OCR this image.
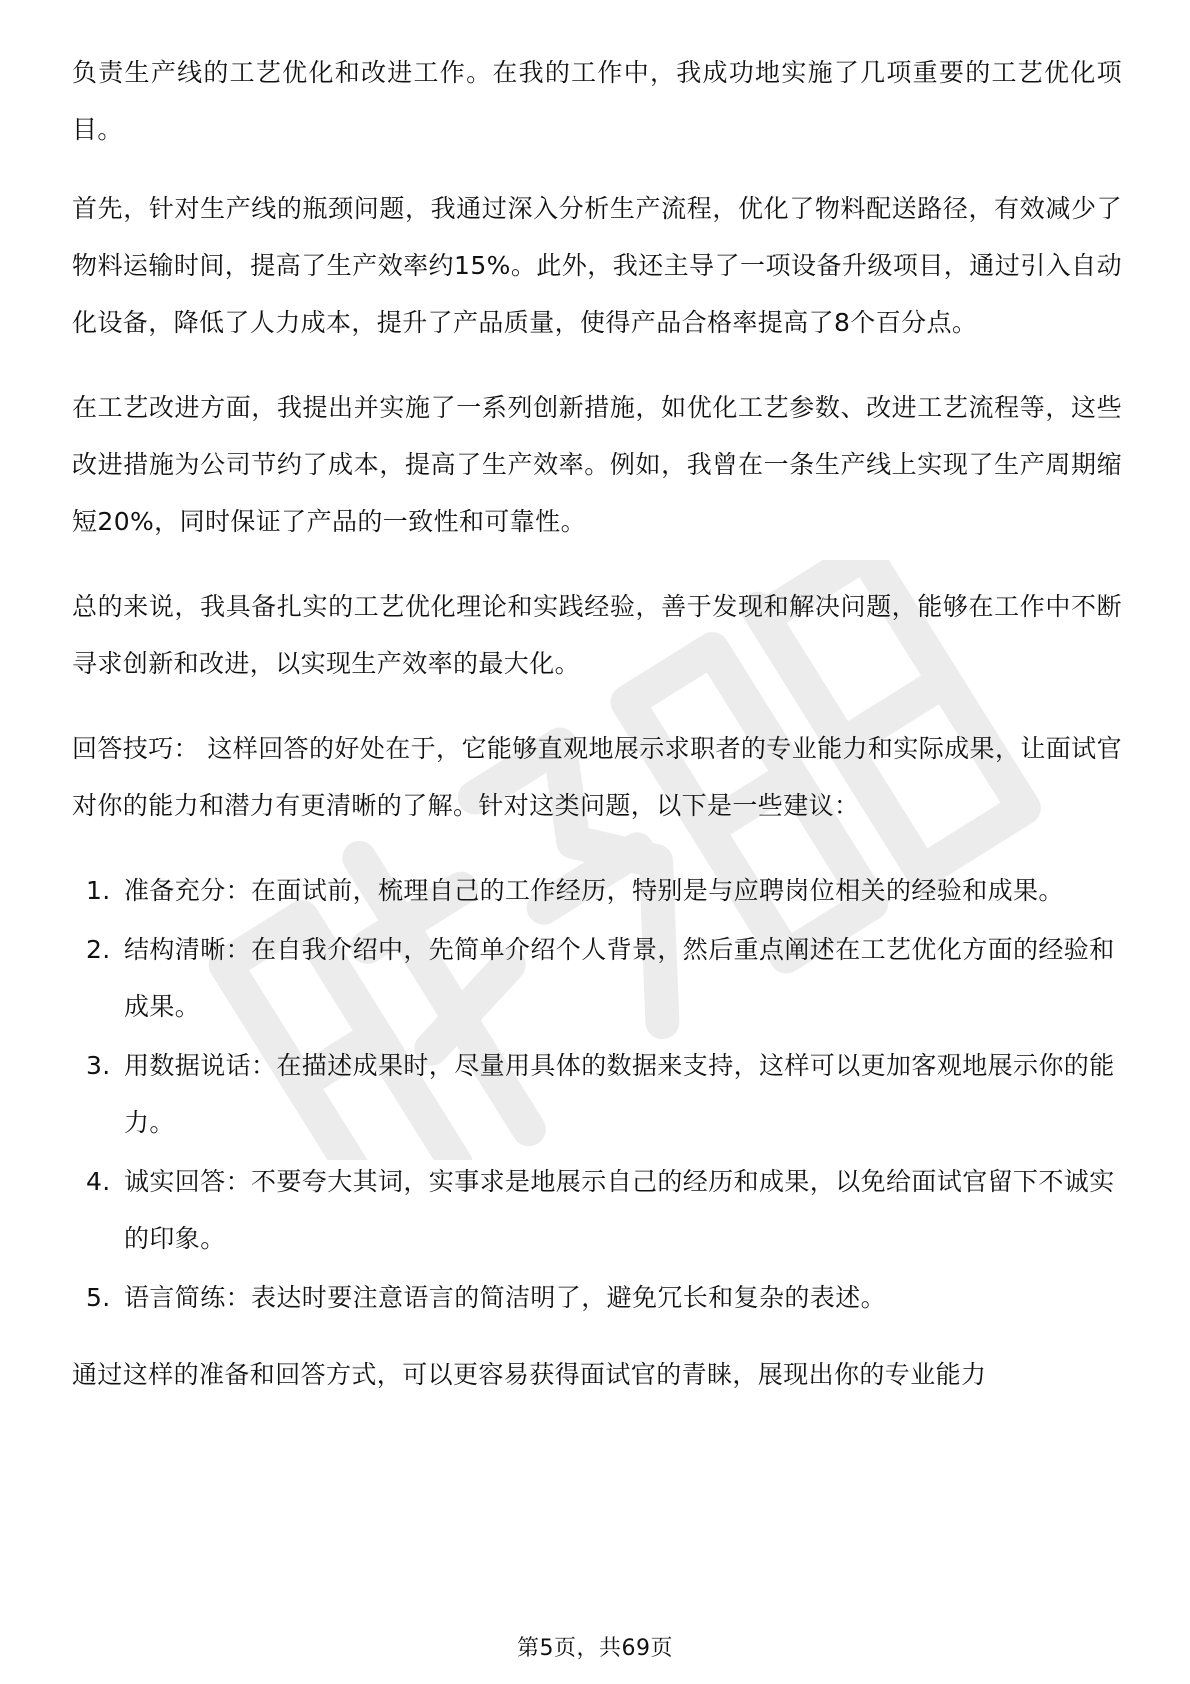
负责生产线的工艺优化和改进工作。在我的工作中，我成功地实施了几项重要的工艺优化项目。

首先，针对生产线的瓶颈问题，我通过深入分析生产流程，优化了物料配送路径，有效减少了物料运输时间，提高了生产效率约15%。此外，我还主导了一项设备升级项目，通过引入自动化设备，降低了人力成本，提升了产品质量，使得产品合格率提高了8个百分点。

在工艺改进方面，我提出并实施了一系列创新措施，如优化工艺参数、改进工艺流程等，这些改进措施为公司节约了成本，提高了生产效率。例如，我曾在一条生产线上实现了生产周期缩短20%，同时保证了产品的一致性和可靠性。

总的来说，我具备扎实的工艺优化理论和实践经验，善于发现和解决问题，能够在工作中不断寻求创新和改进，以实现生产效率的最大化。

回答技巧： 这样回答的好处在于，它能够直观地展示求职者的专业能力和实际成果，让面试官对你的能力和潜力有更清晰的了解。针对这类问题，以下是一些建议：

1. 准备充分：在面试前，梳理自己的工作经历，特别是与应聘岗位相关的经验和成果。
2. 结构清晰：在自我介绍中，先简单介绍个人背景，然后重点阐述在工艺优化方面的经验和成果。
3. 用数据说话：在描述成果时，尽量用具体的数据来支持，这样可以更加客观地展示你的能力。
4. 诚实回答：不要夸大其词，实事求是地展示自己的经历和成果，以免给面试官留下不诚实的印象。
5. 语言简练：表达时要注意语言的简洁明了，避免冗长和复杂的表述。

通过这样的准备和回答方式，可以更容易获得面试官的青睐，展现出你的专业能力

第5页，共69页
